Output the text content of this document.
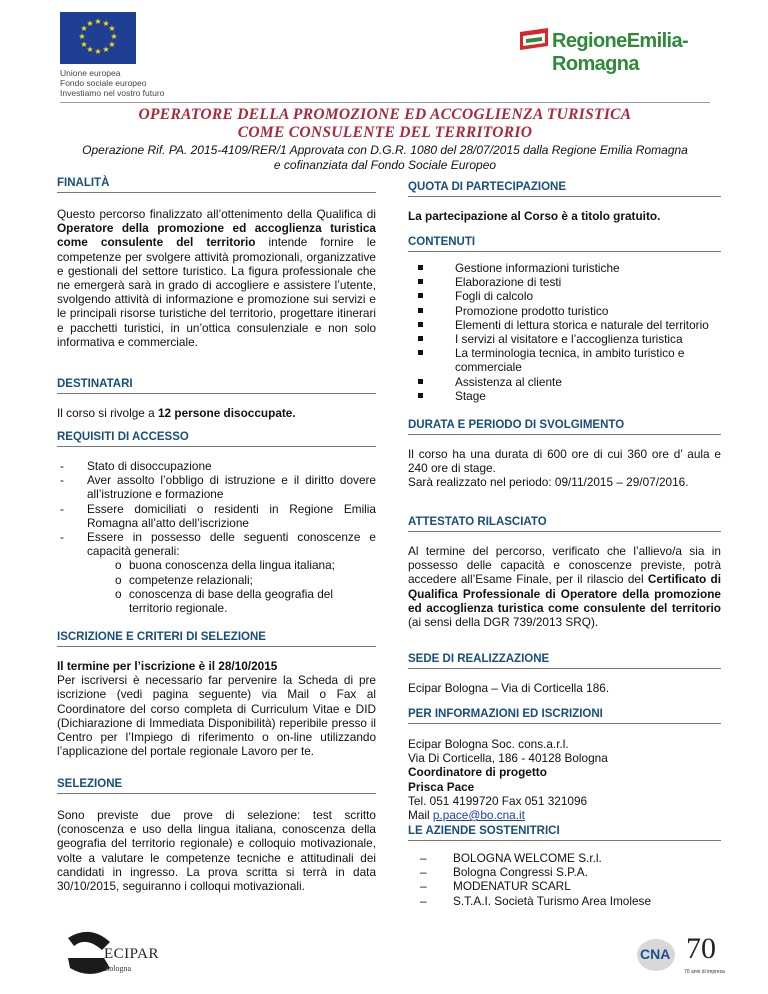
★ ★
★
★
★
★
★
★
★
★
★
★
Unione europea
Fondo sociale europeo
Investiamo nel vostro futuro
RegioneEmilia-Romagna
OPERATORE DELLA PROMOZIONE ED ACCOGLIENZA TURISTICA
COME CONSULENTE DEL TERRITORIO
Operazione Rif. PA. 2015-4109/RER/1 Approvata con D.G.R. 1080 del 28/07/2015 dalla Regione Emilia Romagna
e cofinanziata dal Fondo Sociale Europeo
FINALITÀ
Questo percorso finalizzato all’ottenimento della Qualifica di Operatore della promozione ed accoglienza turistica come consulente del territorio intende fornire le competenze per svolgere attività promozionali, organizzative e gestionali del settore turistico. La figura professionale che ne emergerà sarà in grado di accogliere e assistere l’utente, svolgendo attività di informazione e promozione sui servizi e le principali risorse turistiche del territorio, progettare itinerari e pacchetti turistici, in un’ottica consulenziale e non solo informativa e commerciale.
DESTINATARI
Il corso si rivolge a 12 persone disoccupate.
REQUISITI DI ACCESSO
- Stato di disoccupazione
- Aver assolto l’obbligo di istruzione e il diritto dovere all’istruzione e formazione
- Essere domiciliati o residenti in Regione Emilia Romagna all’atto dell’iscrizione
- Essere in possesso delle seguenti conoscenze e capacità generali:
o buona conoscenza della lingua italiana;
o competenze relazionali;
o conoscenza di base della geografia del territorio regionale.
ISCRIZIONE E CRITERI DI SELEZIONE
Il termine per l’iscrizione è il 28/10/2015
Per iscriversi è necessario far pervenire la Scheda di pre iscrizione (vedi pagina seguente) via Mail o Fax al Coordinatore del corso completa di Curriculum Vitae e DID (Dichiarazione di Immediata Disponibilità) reperibile presso il Centro per l’Impiego di riferimento o on-line utilizzando l’applicazione del portale regionale Lavoro per te.
SELEZIONE
Sono previste due prove di selezione: test scritto (conoscenza e uso della lingua italiana, conoscenza della geografia del territorio regionale) e colloquio motivazionale, volte a valutare le competenze tecniche e attitudinali dei candidati in ingresso. La prova scritta si terrà in data 30/10/2015, seguiranno i colloqui motivazionali.
QUOTA DI PARTECIPAZIONE
La partecipazione al Corso è a titolo gratuito.
CONTENUTI
Gestione informazioni turistiche
Elaborazione di testi
Fogli di calcolo
Promozione prodotto turistico
Elementi di lettura storica e naturale del territorio
I servizi al visitatore e l’accoglienza turistica
La terminologia tecnica, in ambito turistico e commerciale
Assistenza al cliente
Stage
DURATA E PERIODO DI SVOLGIMENTO
Il corso ha una durata di 600 ore di cui 360 ore d’ aula e 240 ore di stage.
Sarà realizzato nel periodo: 09/11/2015 – 29/07/2016.
ATTESTATO RILASCIATO
Al termine del percorso, verificato che l’allievo/a sia in possesso delle capacità e conoscenze previste, potrà accedere all’Esame Finale, per il rilascio del Certificato di Qualifica Professionale di Operatore della promozione ed accoglienza turistica come consulente del territorio (ai sensi della DGR 739/2013 SRQ).
SEDE DI REALIZZAZIONE
Ecipar Bologna – Via di Corticella 186.
PER INFORMAZIONI ED ISCRIZIONI
Ecipar Bologna Soc. cons.a.r.l.
Via Di Corticella, 186 - 40128 Bologna
Coordinatore di progetto
Prisca Pace
Tel. 051 4199720 Fax 051 321096
Mail p.pace@bo.cna.it
LE AZIENDE SOSTENITRICI
– BOLOGNA WELCOME S.r.l.
– Bologna Congressi S.P.A.
– MODENATUR SCARL
– S.T.A.I. Società Turismo Area Imolese
ECIPAR
Bologna
CNA 70
70 anni di impresa
